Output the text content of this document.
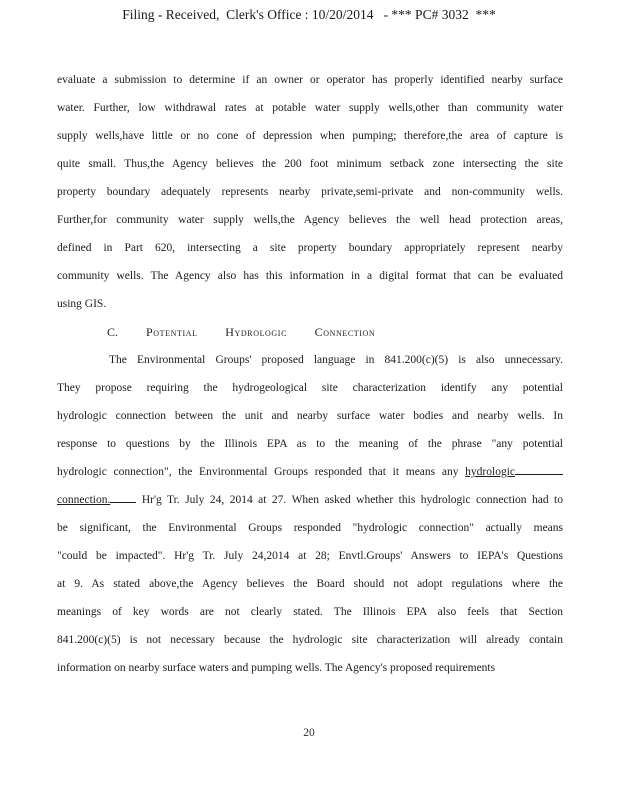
Filing - Received,  Clerk's Office : 10/20/2014   - *** PC# 3032  ***
evaluate a submission to determine if an owner or operator has properly identified nearby surface
water. Further, low withdrawal rates at potable water supply wells,other than community water
supply wells,have little or no cone of depression when pumping; therefore,the area of capture is
quite small. Thus,the Agency believes the 200 foot minimum setback zone intersecting the site
property boundary adequately represents nearby private,semi-private and non-community wells.
Further,for community water supply wells,the Agency believes the well head protection areas,
defined in Part 620, intersecting a site property boundary appropriately represent nearby
community wells. The Agency also has this information in a digital format that can be evaluated
using GIS.
C. Potential Hydrologic Connection
The Environmental Groups' proposed language in 841.200(c)(5) is also unnecessary.
They propose requiring the hydrogeological site characterization identify any potential
hydrologic connection between the unit and nearby surface water bodies and nearby wells. In
response to questions by the Illinois EPA as to the meaning of the phrase "any potential
hydrologic connection", the Environmental Groups responded that it means any hydrologic
connection.	Hr'g Tr. July 24, 2014 at 27. When asked whether this hydrologic connection had to
be significant, the Environmental Groups responded "hydrologic connection" actually means
"could be impacted". Hr'g Tr. July 24,2014 at 28; Envtl.Groups' Answers to IEPA's Questions
at 9. As stated above,the Agency believes the Board should not adopt regulations where the
meanings of key words are not clearly stated. The Illinois EPA also feels that Section
841.200(c)(5) is not necessary because the hydrologic site characterization will already contain
information on nearby surface waters and pumping wells. The Agency's proposed requirements
20
